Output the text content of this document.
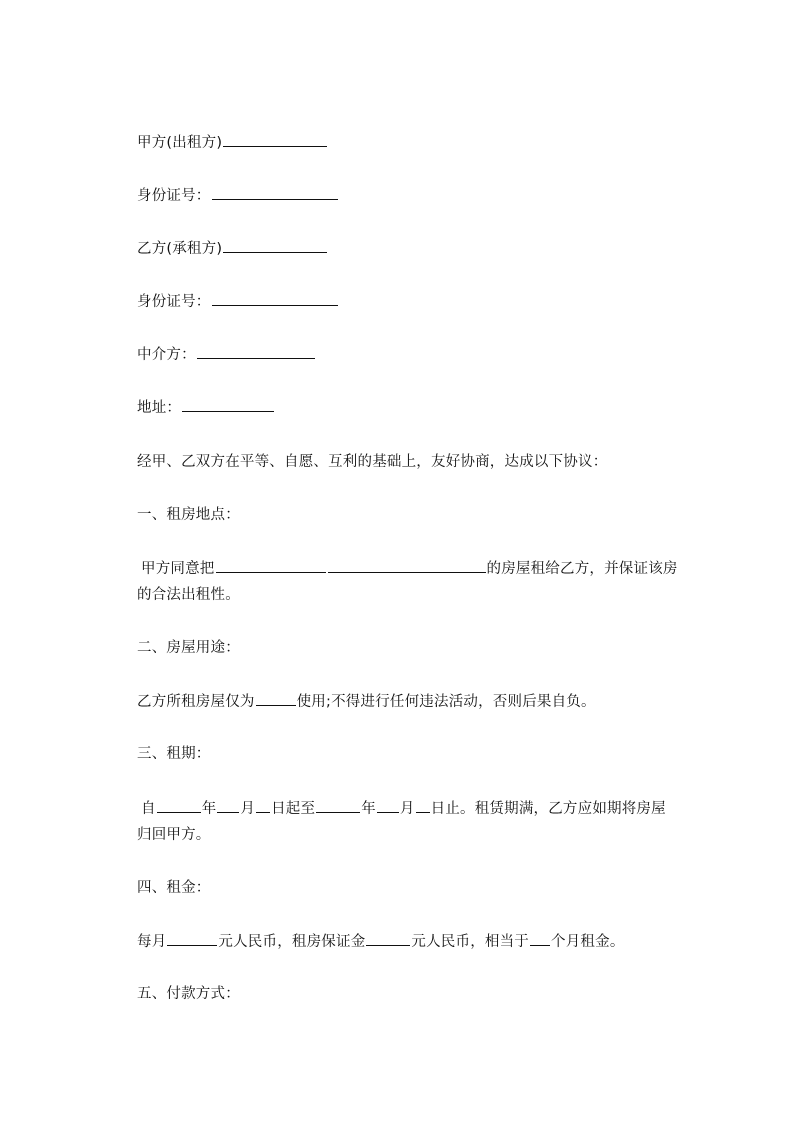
甲方(出租方)
身份证号：
乙方(承租方)
身份证号：
中介方：
地址：
经甲、乙双方在平等、自愿、互利的基础上，友好协商，达成以下协议：
一、租房地点：
甲方同意把	的房屋租给乙方，并保证该房
的合法出租性。
二、房屋用途：
乙方所租房屋仅为	使用;不得进行任何违法活动，否则后果自负。
三、租期：
自	年 月 日起至	年 月 日止。租赁期满，乙方应如期将房屋
归回甲方。
四、租金：
每月	元人民币，租房保证金	元人民币，相当于 个月租金。
五、付款方式：
